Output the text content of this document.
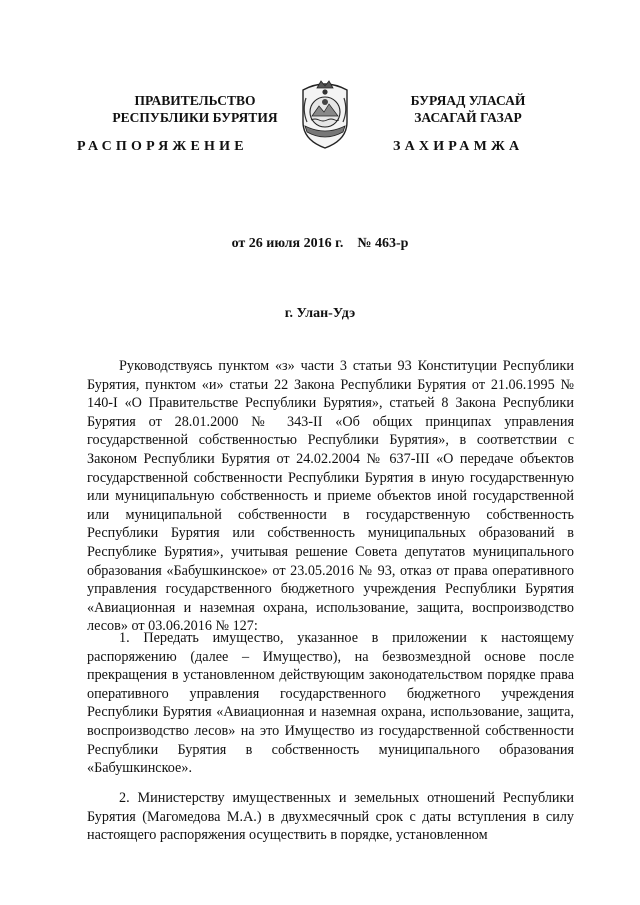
ПРАВИТЕЛЬСТВО
РЕСПУБЛИКИ БУРЯТИЯ
БУРЯАД УЛАСАЙ
ЗАСАГАЙ ГАЗАР
РАСПОРЯЖЕНИЕ	ЗАХИРАМЖА
от 26 июля 2016 г. № 463-р
г. Улан-Удэ

Руководствуясь пунктом «з» части 3 статьи 93 Конституции Республики Бурятия, пунктом «и» статьи 22 Закона Республики Бурятия от 21.06.1995 № 140-I «О Правительстве Республики Бурятия», статьей 8 Закона Республики Бурятия от 28.01.2000 № 343-II «Об общих принципах управления государственной собственностью Республики Бурятия», в соответствии с Законом Республики Бурятия от 24.02.2004 № 637-III «О передаче объектов государственной собственности Республики Бурятия в иную государственную или муниципальную собственность и приеме объектов иной государственной или муниципальной собственности в государственную собственность Республики Бурятия или собственность муниципальных образований в Республике Бурятия», учитывая решение Совета депутатов муниципального образования «Бабушкинское» от 23.05.2016 № 93, отказ от права оперативного управления государственного бюджетного учреждения Республики Бурятия «Авиационная и наземная охрана, использование, защита, воспроизводство лесов» от 03.06.2016 № 127:

1. Передать имущество, указанное в приложении к настоящему распоряжению (далее – Имущество), на безвозмездной основе после прекращения в установленном действующим законодательством порядке права оперативного управления государственного бюджетного учреждения Республики Бурятия «Авиационная и наземная охрана, использование, защита, воспроизводство лесов» на это Имущество из государственной собственности Республики Бурятия в собственность муниципального образования «Бабушкинское».

2. Министерству имущественных и земельных отношений Республики Бурятия (Магомедова М.А.) в двухмесячный срок с даты вступления в силу настоящего распоряжения осуществить в порядке, установленном
